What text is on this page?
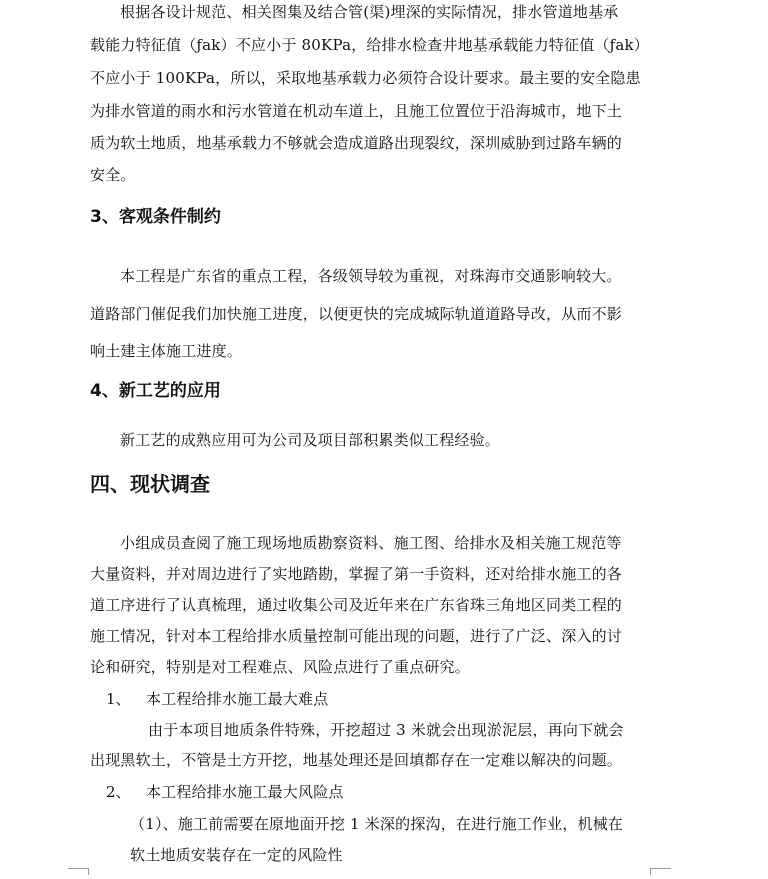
根据各设计规范、相关图集及结合管(渠)埋深的实际情况，排水管道地基承
载能力特征值（ƒak）不应小于 80KPa，给排水检查井地基承载能力特征值（ƒak）
不应小于 100KPa，所以，采取地基承载力必须符合设计要求。最主要的安全隐患
为排水管道的雨水和污水管道在机动车道上，且施工位置位于沿海城市，地下土
质为软土地质，地基承载力不够就会造成道路出现裂纹，深圳威胁到过路车辆的
安全。
3、客观条件制约
本工程是广东省的重点工程，各级领导较为重视，对珠海市交通影响较大。
道路部门催促我们加快施工进度，以便更快的完成城际轨道道路导改，从而不影
响土建主体施工进度。
4、新工艺的应用
新工艺的成熟应用可为公司及项目部积累类似工程经验。
四、现状调查
小组成员查阅了施工现场地质勘察资料、施工图、给排水及相关施工规范等
大量资料，并对周边进行了实地踏勘，掌握了第一手资料，还对给排水施工的各
道工序进行了认真梳理，通过收集公司及近年来在广东省珠三角地区同类工程的
施工情况，针对本工程给排水质量控制可能出现的问题，进行了广泛、深入的讨
论和研究，特别是对工程难点、风险点进行了重点研究。
1、 本工程给排水施工最大难点
由于本项目地质条件特殊，开挖超过 3 米就会出现淤泥层，再向下就会
出现黑软土，不管是土方开挖，地基处理还是回填都存在一定难以解决的问题。
2、 本工程给排水施工最大风险点
（1）、施工前需要在原地面开挖 1 米深的探沟，在进行施工作业，机械在
软土地质安装存在一定的风险性
